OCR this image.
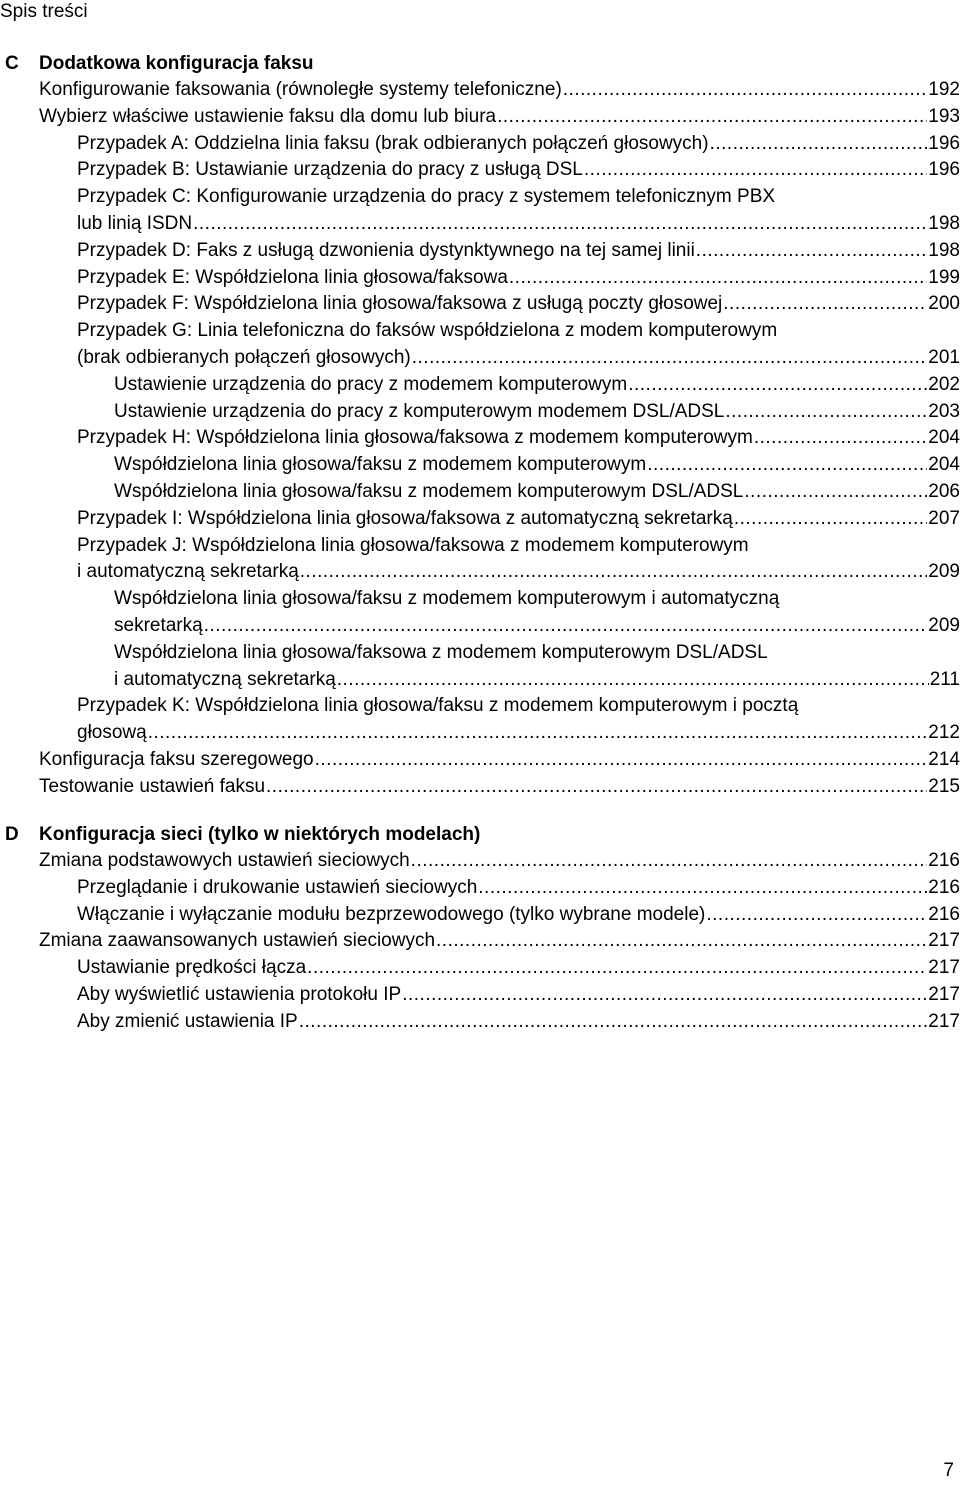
Spis treści
C Dodatkowa konfiguracja faksu
Konfigurowanie faksowania (równoległe systemy telefoniczne) .....	192
Wybierz właściwe ustawienie faksu dla domu lub biura .....	193
Przypadek A: Oddzielna linia faksu (brak odbieranych połączeń głosowych) .....	196
Przypadek B: Ustawianie urządzenia do pracy z usługą DSL .....	196
Przypadek C: Konfigurowanie urządzenia do pracy z systemem telefonicznym PBX
lub linią ISDN .....	198
Przypadek D: Faks z usługą dzwonienia dystynktywnego na tej samej linii .....	198
Przypadek E: Współdzielona linia głosowa/faksowa .....	199
Przypadek F: Współdzielona linia głosowa/faksowa z usługą poczty głosowej .....	200
Przypadek G: Linia telefoniczna do faksów współdzielona z modem komputerowym
(brak odbieranych połączeń głosowych) .....	201
Ustawienie urządzenia do pracy z modemem komputerowym .....	202
Ustawienie urządzenia do pracy z komputerowym modemem DSL/ADSL .....	203
Przypadek H: Współdzielona linia głosowa/faksowa z modemem komputerowym .....	204
Współdzielona linia głosowa/faksu z modemem komputerowym .....	204
Współdzielona linia głosowa/faksu z modemem komputerowym DSL/ADSL .....	206
Przypadek I: Współdzielona linia głosowa/faksowa z automatyczną sekretarką .....	207
Przypadek J: Współdzielona linia głosowa/faksowa z modemem komputerowym
i automatyczną sekretarką .....	209
Współdzielona linia głosowa/faksu z modemem komputerowym i automatyczną
sekretarką .....	209
Współdzielona linia głosowa/faksowa z modemem komputerowym DSL/ADSL
i automatyczną sekretarką .....	211
Przypadek K: Współdzielona linia głosowa/faksu z modemem komputerowym i pocztą
głosową .....	212
Konfiguracja faksu szeregowego .....	214
Testowanie ustawień faksu .....	215
D Konfiguracja sieci (tylko w niektórych modelach)
Zmiana podstawowych ustawień sieciowych .....	216
Przeglądanie i drukowanie ustawień sieciowych .....	216
Włączanie i wyłączanie modułu bezprzewodowego (tylko wybrane modele) .....	216
Zmiana zaawansowanych ustawień sieciowych .....	217
Ustawianie prędkości łącza .....	217
Aby wyświetlić ustawienia protokołu IP .....	217
Aby zmienić ustawienia IP .....	217
7
